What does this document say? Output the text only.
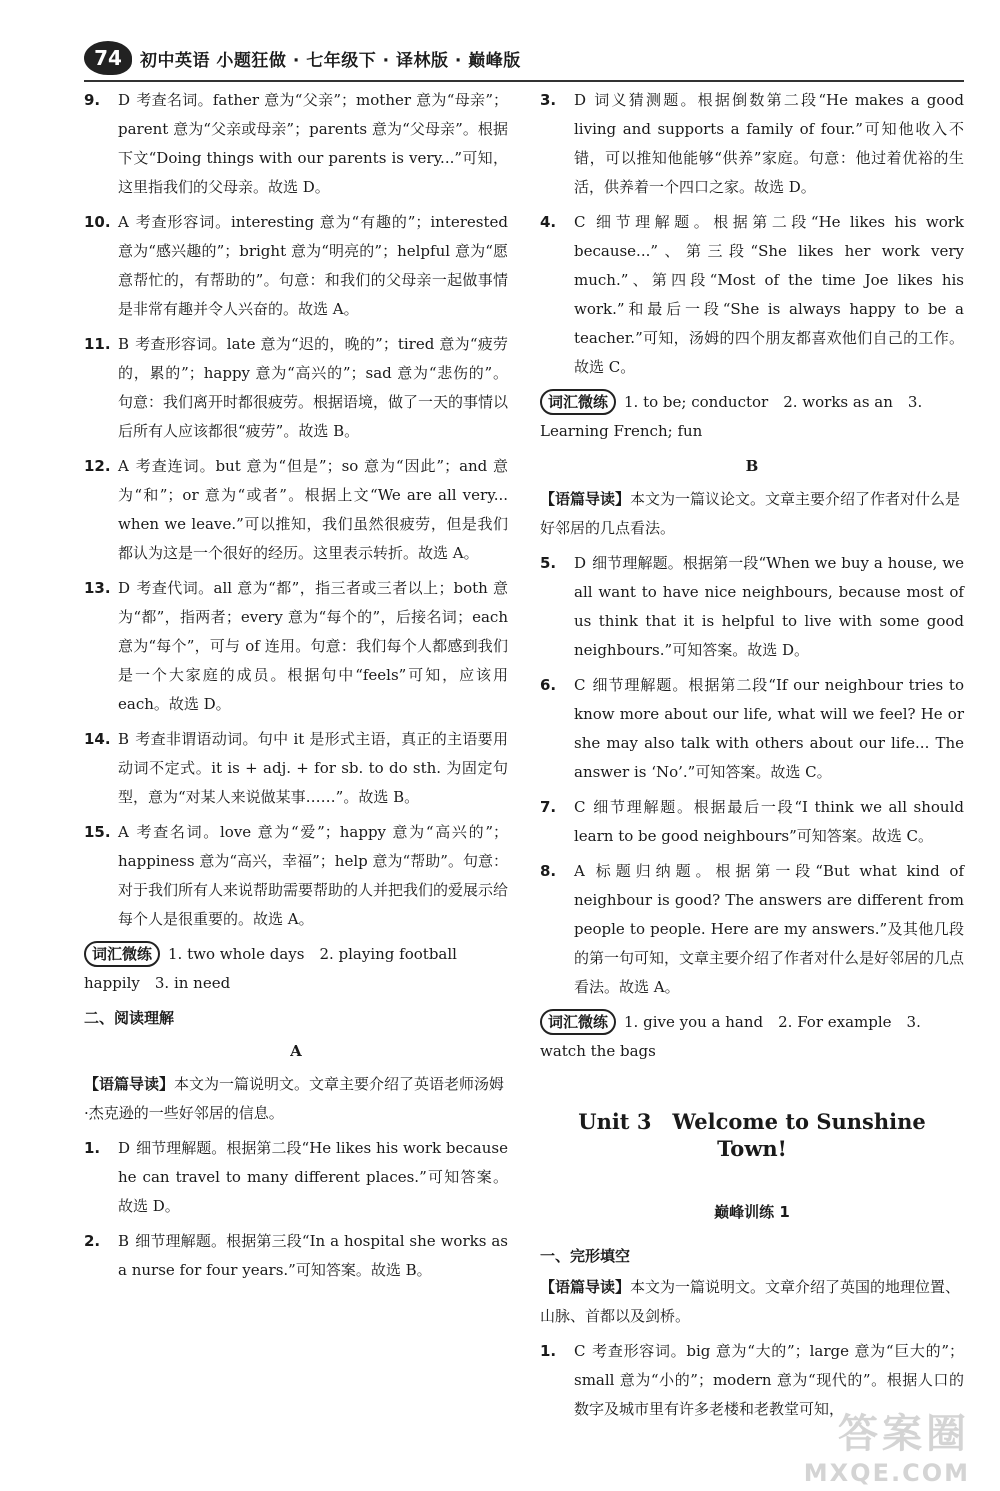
74	初中英语 小题狂做 · 七年级下 · 译林版 · 巅峰版

9. D 考查名词。father 意为“父亲”；mother 意为“母亲”；parent 意为“父亲或母亲”；parents 意为“父母亲”。根据下文“Doing things with our parents is very...”可知，这里指我们的父母亲。故选 D。

10. A 考查形容词。interesting 意为“有趣的”；interested 意为“感兴趣的”；bright 意为“明亮的”；helpful 意为“愿意帮忙的，有帮助的”。句意：和我们的父母亲一起做事情是非常有趣并令人兴奋的。故选 A。

11. B 考查形容词。late 意为“迟的，晚的”；tired 意为“疲劳的，累的”；happy 意为“高兴的”；sad 意为“悲伤的”。句意：我们离开时都很疲劳。根据语境，做了一天的事情以后所有人应该都很“疲劳”。故选 B。

12. A 考查连词。but 意为“但是”；so 意为“因此”；and 意为“和”；or 意为“或者”。根据上文“We are all very... when we leave.”可以推知，我们虽然很疲劳，但是我们都认为这是一个很好的经历。这里表示转折。故选 A。

13. D 考查代词。all 意为“都”，指三者或三者以上；both 意为“都”，指两者；every 意为“每个的”，后接名词；each 意为“每个”，可与 of 连用。句意：我们每个人都感到我们是一个大家庭的成员。根据句中“feels”可知，应该用 each。故选 D。

14. B 考查非谓语动词。句中 it 是形式主语，真正的主语要用动词不定式。it is + adj. + for sb. to do sth. 为固定句型，意为“对某人来说做某事……”。故选 B。

15. A 考查名词。love 意为“爱”；happy 意为“高兴的”；happiness 意为“高兴，幸福”；help 意为“帮助”。句意：对于我们所有人来说帮助需要帮助的人并把我们的爱展示给每个人是很重要的。故选 A。

词汇微练 1. two whole days　2. playing football happily　3. in need

二、阅读理解
A

【语篇导读】本文为一篇说明文。文章主要介绍了英语老师汤姆·杰克逊的一些好邻居的信息。

1. D 细节理解题。根据第二段“He likes his work because he can travel to many different places.”可知答案。故选 D。

2. B 细节理解题。根据第三段“In a hospital she works as a nurse for four years.”可知答案。故选 B。

3. D 词义猜测题。根据倒数第二段“He makes a good living and supports a family of four.”可知他收入不错，可以推知他能够“供养”家庭。句意：他过着优裕的生活，供养着一个四口之家。故选 D。

4. C 细节理解题。根据第二段“He likes his work because...”、第三段“She likes her work very much.”、第四段“Most of the time Joe likes his work.”和最后一段“She is always happy to be a teacher.”可知，汤姆的四个朋友都喜欢他们自己的工作。故选 C。

词汇微练 1. to be; conductor　2. works as an　3. Learning French; fun

B

【语篇导读】本文为一篇议论文。文章主要介绍了作者对什么是好邻居的几点看法。

5. D 细节理解题。根据第一段“When we buy a house, we all want to have nice neighbours, because most of us think that it is helpful to live with some good neighbours.”可知答案。故选 D。

6. C 细节理解题。根据第二段“If our neighbour tries to know more about our life, what will we feel? He or she may also talk with others about our life... The answer is ‘No’.”可知答案。故选 C。

7. C 细节理解题。根据最后一段“I think we all should learn to be good neighbours”可知答案。故选 C。

8. A 标题归纳题。根据第一段“But what kind of neighbour is good? The answers are different from people to people. Here are my answers.”及其他几段的第一句可知，文章主要介绍了作者对什么是好邻居的几点看法。故选 A。

词汇微练 1. give you a hand　2. For example　3. watch the bags

Unit 3　Welcome to Sunshine Town!
巅峰训练 1
一、完形填空

【语篇导读】本文为一篇说明文。文章介绍了英国的地理位置、山脉、首都以及剑桥。

1. C 考查形容词。big 意为“大的”；large 意为“巨大的”；small 意为“小的”；modern 意为“现代的”。根据人口的数字及城市里有许多老楼和老教堂可知，

答案圈
MXQE.COM
